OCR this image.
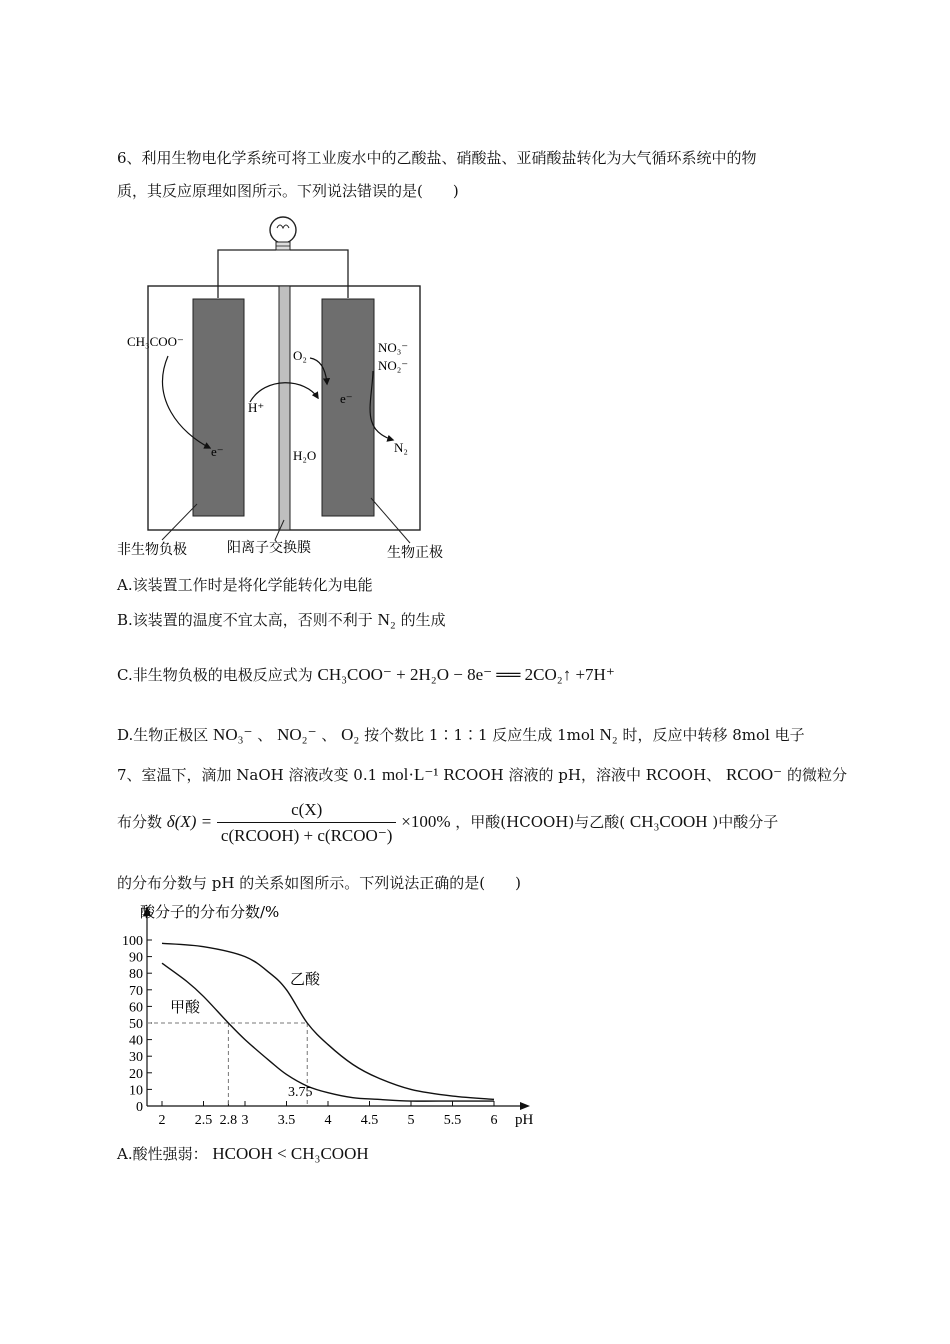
6、利用生物电化学系统可将工业废水中的乙酸盐、硝酸盐、亚硝酸盐转化为大气循环系统中的物
质，其反应原理如图所示。下列说法错误的是(　　)
CH₃COO⁻
e⁻
H⁺
H₂O
O₂
e⁻
NO₃⁻
NO₂⁻
N₂
非生物负极	阳离子交换膜	生物正极
A.该装置工作时是将化学能转化为电能
B.该装置的温度不宜太高，否则不利于 N₂ 的生成
C.非生物负极的电极反应式为 CH₃COO⁻ + 2H₂O − 8e⁻ ══ 2CO₂↑ +7H⁺
D.生物正极区 NO₃⁻ 、 NO₂⁻ 、 O₂ 按个数比 1∶1∶1 反应生成 1mol N₂ 时，反应中转移 8mol 电子
7、室温下，滴加 NaOH 溶液改变 0.1 mol·L⁻¹ RCOOH 溶液的 pH，溶液中 RCOOH、 RCOO⁻ 的微粒分
布分数 $\delta(X) = \frac{c(X)}{\text{c(RCOOH) + c(RCOO⁻)}} \times 100\%$ ，甲酸(HCOOH)与乙酸( CH₃COOH )中酸分子
的分布分数与 pH 的关系如图所示。下列说法正确的是(　　)
0
10
20
30
40
50
60
70
80
90
100
2 2.5 2.8 3 3.5 4 4.5 5 5.5 6
酸分子的分布分数/%
pH
甲酸
乙酸
3.75
A.酸性强弱： HCOOH < CH₃COOH
